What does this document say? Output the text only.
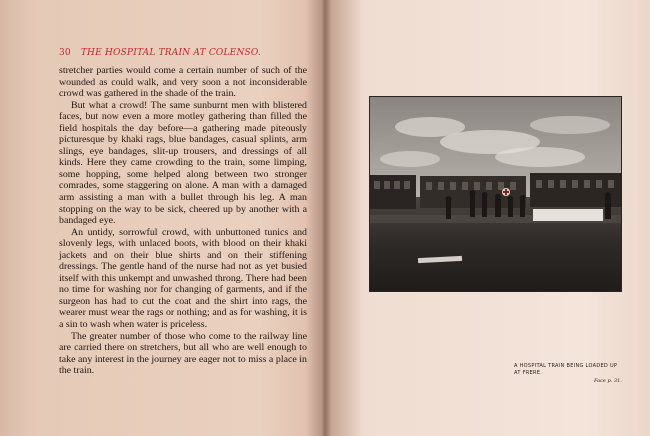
30 THE HOSPITAL TRAIN AT COLENSO.

stretcher parties would come a certain number of such of the wounded as could walk, and very soon a not inconsiderable crowd was gathered in the shade of the train.

But what a crowd! The same sunburnt men with blistered faces, but now even a more motley gathering than filled the field hospitals the day before—a gathering made piteously picturesque by khaki rags, blue bandages, casual splints, arm slings, eye bandages, slit-up trousers, and dressings of all kinds. Here they came crowding to the train, some limping, some hopping, some helped along between two stronger comrades, some staggering on alone. A man with a damaged arm assisting a man with a bullet through his leg. A man stopping on the way to be sick, cheered up by another with a bandaged eye.

An untidy, sorrowful crowd, with unbuttoned tunics and slovenly legs, with unlaced boots, with blood on their khaki jackets and on their blue shirts and on their stiffening dressings. The gentle hand of the nurse had not as yet busied itself with this unkempt and unwashed throng. There had been no time for washing nor for changing of garments, and if the surgeon has had to cut the coat and the shirt into rags, the wearer must wear the rags or nothing; and as for washing, it is a sin to wash when water is priceless.

The greater number of those who come to the railway line are carried there on stretchers, but all who are well enough to take any interest in the journey are eager not to miss a place in the train.	A HOSPITAL TRAIN BEING LOADED UP AT FRERE.
Face p. 31.
